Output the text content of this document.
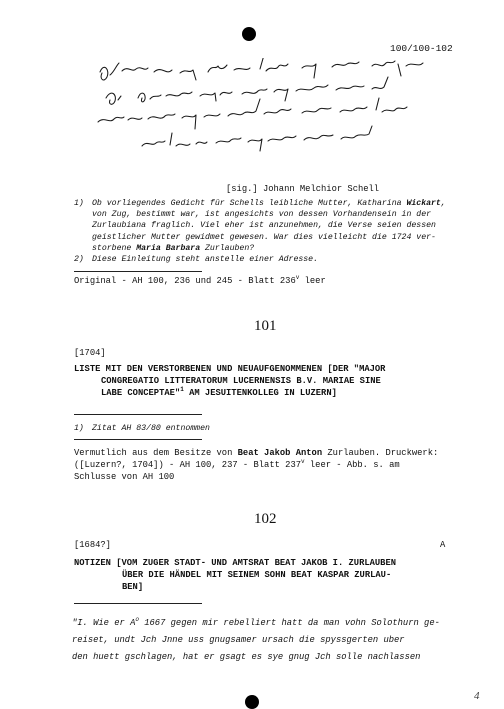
100/100-102
[sig.] Johann Melchior Schell
1) Ob vorliegendes Gedicht für Schells leibliche Mutter, Katharina Wickart,
von Zug, bestimmt war, ist angesichts von dessen Vorhandensein in der
Zurlaubiana fraglich. Viel eher ist anzunehmen, die Verse seien dessen
geistlicher Mutter gewidmet gewesen. War dies vielleicht die 1724 ver-
storbene Maria Barbara Zurlauben?
2) Diese Einleitung steht anstelle einer Adresse.
Original - AH 100, 236 und 245 - Blatt 236$^v$ leer
101
[1704]
LISTE MIT DEN VERSTORBENEN UND NEUAUFGENOMMENEN [DER "MAJOR
CONGREGATIO LITTERATORUM LUCERNENSIS B.V. MARIAE SINE
LABE CONCEPTAE"$^1$ AM JESUITENKOLLEG IN LUZERN]
1) Zitat AH 83/80 entnommen
Vermutlich aus dem Besitze von Beat Jakob Anton Zurlauben. Druckwerk:
([Luzern?, 1704]) - AH 100, 237 - Blatt 237$^v$ leer - Abb. s. am
Schlusse von AH 100
102
[1684?]	A
NOTIZEN [VOM ZUGER STADT- UND AMTSRAT BEAT JAKOB I. ZURLAUBEN
ÜBER DIE HÄNDEL MIT SEINEM SOHN BEAT KASPAR ZURLAU-
BEN]
"I. Wie er $A^o$ 1667 gegen mir rebelliert hatt da man vohn Solothurn ge-
reiset, undt Jch Jnne uss gnugsamer ursach die spyssgerten uber
den huett gschlagen, hat er gsagt es sye gnug Jch solle nachlassen
4
